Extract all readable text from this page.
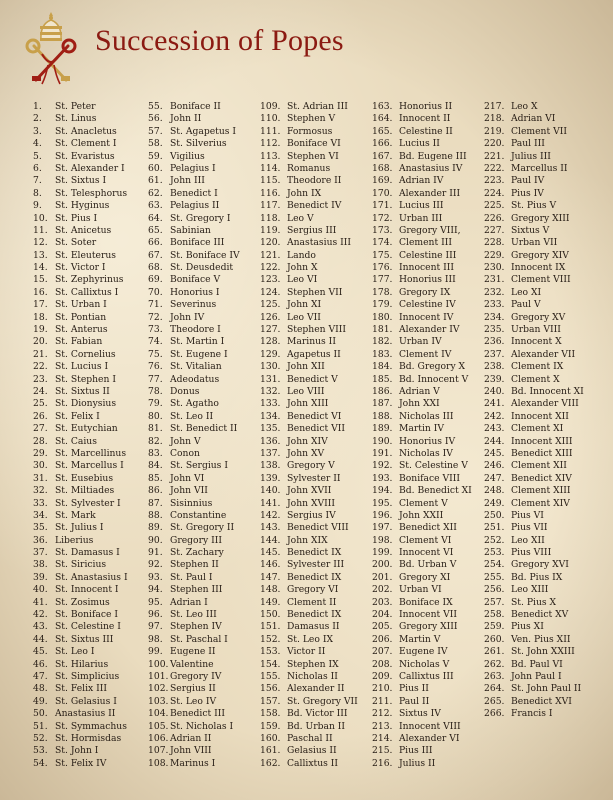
Succession of Popes
1.	St. Peter
2.	St. Linus
3.	St. Anacletus
4.	St. Clement I
5.	St. Evaristus
6.	St. Alexander I
7.	St. Sixtus I
8.	St. Telesphorus
9.	St. Hyginus
10. St. Pius I
11. St. Anicetus
12. St. Soter
13. St. Eleuterus
14. St. Victor I
15. St. Zephyrinus
16. St. Callixtus I
17. St. Urban I
18. St. Pontian
19. St. Anterus
20. St. Fabian
21. St. Cornelius
22. St. Lucius I
23. St. Stephen I
24. St. Sixtus II
25. St. Dionysius
26. St. Felix I
27. St. Eutychian
28. St. Caius
29. St. Marcellinus
30. St. Marcellus I
31. St. Eusebius
32. St. Miltiades
33. St. Sylvester I
34. St. Mark
35. St. Julius I
36. Liberius
37. St. Damasus I
38. St. Siricius
39. St. Anastasius I
40. St. Innocent I
41. St. Zosimus
42. St. Boniface I
43. St. Celestine I
44. St. Sixtus III
45. St. Leo I
46. St. Hilarius
47. St. Simplicius
48. St. Felix III
49. St. Gelasius I
50. Anastasius II
51. St. Symmachus
52. St. Hormisdas
53. St. John I
54. St. Felix IV
55. Boniface II
56. John II
57. St. Agapetus I
58. St. Silverius
59. Vigilius
60. Pelagius I
61. John III
62. Benedict I
63. Pelagius II
64. St. Gregory I
65. Sabinian
66. Boniface III
67. St. Boniface IV
68. St. Deusdedit
69. Boniface V
70. Honorius I
71. Severinus
72. John IV
73. Theodore I
74. St. Martin I
75. St. Eugene I
76. St. Vitalian
77. Adeodatus
78. Donus
79. St. Agatho
80. St. Leo II
81. St. Benedict II
82. John V
83. Conon
84. St. Sergius I
85. John VI
86. John VII
87. Sisinnius
88. Constantine
89. St. Gregory II
90. Gregory III
91. St. Zachary
92. Stephen II
93. St. Paul I
94. Stephen III
95. Adrian I
96. St. Leo III
97. Stephen IV
98. St. Paschal I
99. Eugene II
100. Valentine
101. Gregory IV
102. Sergius II
103. St. Leo IV
104. Benedict III
105. St. Nicholas I
106. Adrian II
107. John VIII
108. Marinus I
109. St. Adrian III
110. Stephen V
111. Formosus
112. Boniface VI
113. Stephen VI
114. Romanus
115. Theodore II
116. John IX
117. Benedict IV
118. Leo V
119. Sergius III
120. Anastasius III
121. Lando
122. John X
123. Leo VI
124. Stephen VII
125. John XI
126. Leo VII
127. Stephen VIII
128. Marinus II
129. Agapetus II
130. John XII
131. Benedict V
132. Leo VIII
133. John XIII
134. Benedict VI
135. Benedict VII
136. John XIV
137. John XV
138. Gregory V
139. Sylvester II
140. John XVII
141. John XVIII
142. Sergius IV
143. Benedict VIII
144. John XIX
145. Benedict IX
146. Sylvester III
147. Benedict IX
148. Gregory VI
149. Clement II
150. Benedict IX
151. Damasus II
152. St. Leo IX
153. Victor II
154. Stephen IX
155. Nicholas II
156. Alexander II
157. St. Gregory VII
158. Bd. Victor III
159. Bd. Urban II
160. Paschal II
161. Gelasius II
162. Callixtus II
163. Honorius II
164. Innocent II
165. Celestine II
166. Lucius II
167. Bd. Eugene III
168. Anastasius IV
169. Adrian IV
170. Alexander III
171. Lucius III
172. Urban III
173. Gregory VIII,
174. Clement III
175. Celestine III
176. Innocent III
177. Honorius III
178. Gregory IX
179. Celestine IV
180. Innocent IV
181. Alexander IV
182. Urban IV
183. Clement IV
184. Bd. Gregory X
185. Bd. Innocent V
186. Adrian V
187. John XXI
188. Nicholas III
189. Martin IV
190. Honorius IV
191. Nicholas IV
192. St. Celestine V
193. Boniface VIII
194. Bd. Benedict XI
195. Clement V
196. John XXII
197. Benedict XII
198. Clement VI
199. Innocent VI
200. Bd. Urban V
201. Gregory XI
202. Urban VI
203. Boniface IX
204. Innocent VII
205. Gregory XIII
206. Martin V
207. Eugene IV
208. Nicholas V
209. Callixtus III
210. Pius II
211. Paul II
212. Sixtus IV
213. Innocent VIII
214. Alexander VI
215. Pius III
216. Julius II
217. Leo X
218. Adrian VI
219. Clement VII
220. Paul III
221. Julius III
222. Marcellus II
223. Paul IV
224. Pius IV
225. St. Pius V
226. Gregory XIII
227. Sixtus V
228. Urban VII
229. Gregory XIV
230. Innocent IX
231. Clement VIII
232. Leo XI
233. Paul V
234. Gregory XV
235. Urban VIII
236. Innocent X
237. Alexander VII
238. Clement IX
239. Clement X
240. Bd. Innocent XI
241. Alexander VIII
242. Innocent XII
243. Clement XI
244. Innocent XIII
245. Benedict XIII
246. Clement XII
247. Benedict XIV
248. Clement XIII
249. Clement XIV
250. Pius VI
251. Pius VII
252. Leo XII
253. Pius VIII
254. Gregory XVI
255. Bd. Pius IX
256. Leo XIII
257. St. Pius X
258. Benedict XV
259. Pius XI
260. Ven. Pius XII
261. St. John XXIII
262. Bd. Paul VI
263. John Paul I
264. St. John Paul II
265. Benedict XVI
266. Francis I
